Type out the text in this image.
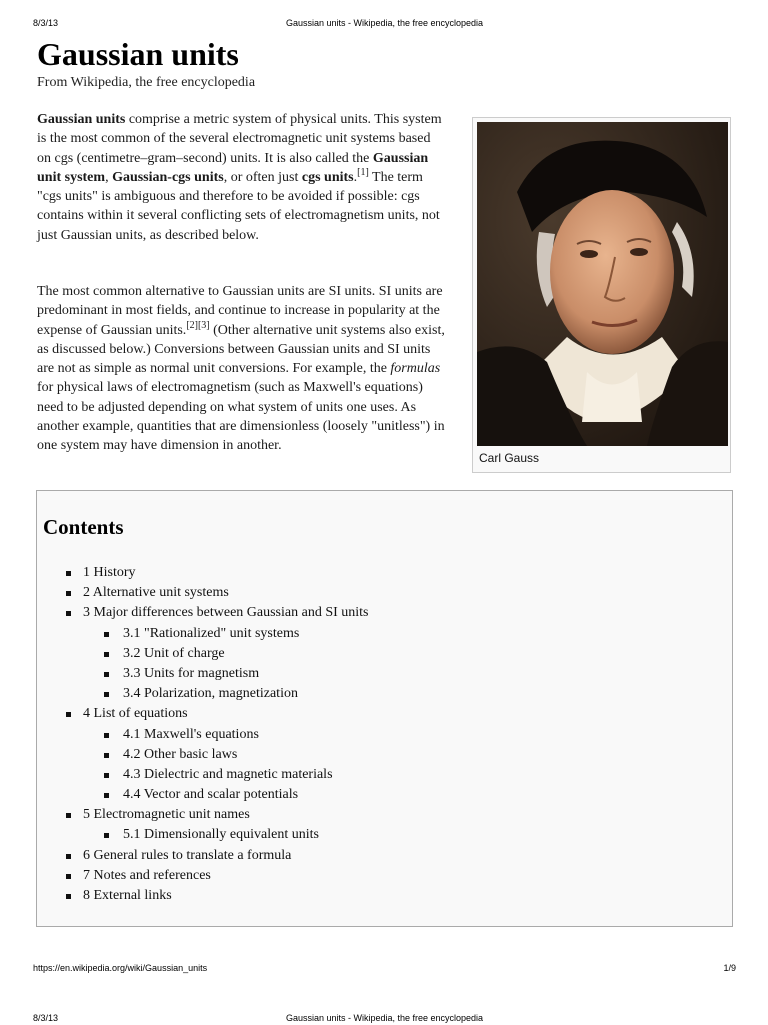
8/3/13	Gaussian units - Wikipedia, the free encyclopedia
Gaussian units
From Wikipedia, the free encyclopedia

Gaussian units comprise a metric system of physical units. This system is the most common of the several electromagnetic unit systems based on cgs (centimetre–gram–second) units. It is also called the Gaussian unit system, Gaussian-cgs units, or often just cgs units.[1] The term "cgs units" is ambiguous and therefore to be avoided if possible: cgs contains within it several conflicting sets of electromagnetism units, not just Gaussian units, as described below.

The most common alternative to Gaussian units are SI units. SI units are predominant in most fields, and continue to increase in popularity at the expense of Gaussian units.[2][3] (Other alternative unit systems also exist, as discussed below.) Conversions between Gaussian units and SI units are not as simple as normal unit conversions. For example, the formulas for physical laws of electromagnetism (such as Maxwell's equations) need to be adjusted depending on what system of units one uses. As another example, quantities that are dimensionless (loosely "unitless") in one system may have dimension in another.

Carl Gauss
Contents
1 History
2 Alternative unit systems
3 Major differences between Gaussian and SI units
3.1 "Rationalized" unit systems
3.2 Unit of charge
3.3 Units for magnetism
3.4 Polarization, magnetization
4 List of equations
4.1 Maxwell's equations
4.2 Other basic laws
4.3 Dielectric and magnetic materials
4.4 Vector and scalar potentials
5 Electromagnetic unit names
5.1 Dimensionally equivalent units
6 General rules to translate a formula
7 Notes and references
8 External links
https://en.wikipedia.org/wiki/Gaussian_units	1/9
8/3/13	Gaussian units - Wikipedia, the free encyclopedia
